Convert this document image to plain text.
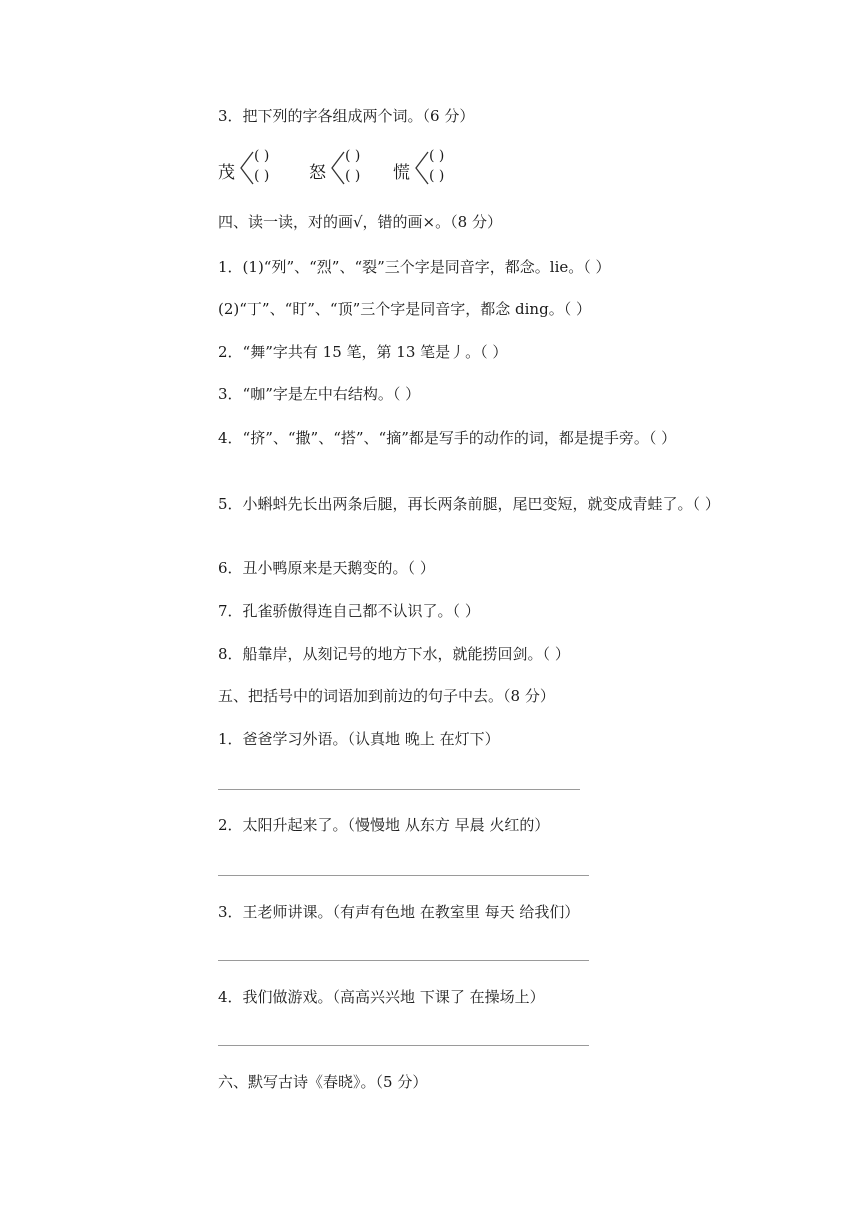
3．把下列的字各组成两个词。（6 分）
茂
( )
( ) 怒
( )
( ) 慌
( )
( )
四、读一读，对的画√，错的画×。（8 分）
1．(1)“列”、“烈”、“裂”三个字是同音字，都念。lie。（ ）
(2)“丁”、“盯”、“顶”三个字是同音字，都念 ding。（ ）
2．“舞”字共有 15 笔，第 13 笔是丿。（ ）
3．“咖”字是左中右结构。（ ）
4．“挤”、“撒”、“搭”、“摘”都是写手的动作的词，都是提手旁。（ ）
5．小蝌蚪先长出两条后腿，再长两条前腿，尾巴变短，就变成青蛙了。（ ）
6．丑小鸭原来是天鹅变的。（ ）
7．孔雀骄傲得连自己都不认识了。（ ）
8．船靠岸，从刻记号的地方下水，就能捞回剑。（ ）
五、把括号中的词语加到前边的句子中去。（8 分）
1．爸爸学习外语。（认真地 晚上 在灯下）
2．太阳升起来了。（慢慢地 从东方 早晨 火红的）
3．王老师讲课。（有声有色地 在教室里 每天 给我们）
4．我们做游戏。（高高兴兴地 下课了 在操场上）
六、默写古诗《春晓》。（5 分）
